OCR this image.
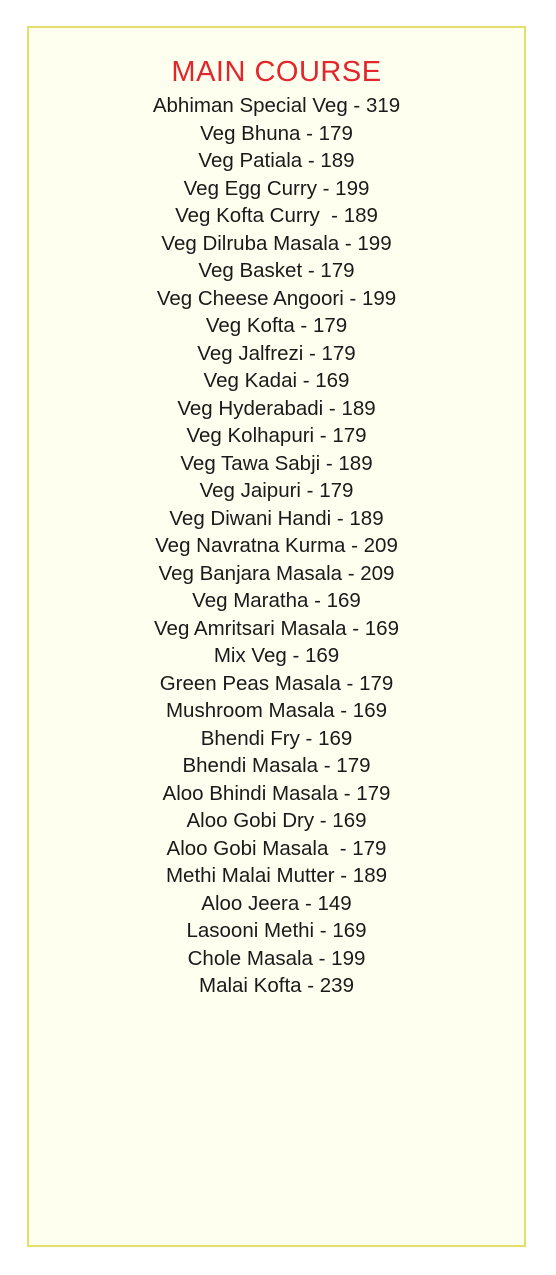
MAIN COURSE
Abhiman Special Veg - 319
Veg Bhuna - 179
Veg Patiala - 189
Veg Egg Curry - 199
Veg Kofta Curry  - 189
Veg Dilruba Masala - 199
Veg Basket - 179
Veg Cheese Angoori - 199
Veg Kofta - 179
Veg Jalfrezi - 179
Veg Kadai - 169
Veg Hyderabadi - 189
Veg Kolhapuri - 179
Veg Tawa Sabji - 189
Veg Jaipuri - 179
Veg Diwani Handi - 189
Veg Navratna Kurma - 209
Veg Banjara Masala - 209
Veg Maratha - 169
Veg Amritsari Masala - 169
Mix Veg - 169
Green Peas Masala - 179
Mushroom Masala - 169
Bhendi Fry - 169
Bhendi Masala - 179
Aloo Bhindi Masala - 179
Aloo Gobi Dry - 169
Aloo Gobi Masala  - 179
Methi Malai Mutter - 189
Aloo Jeera - 149
Lasooni Methi - 169
Chole Masala - 199
Malai Kofta - 239
